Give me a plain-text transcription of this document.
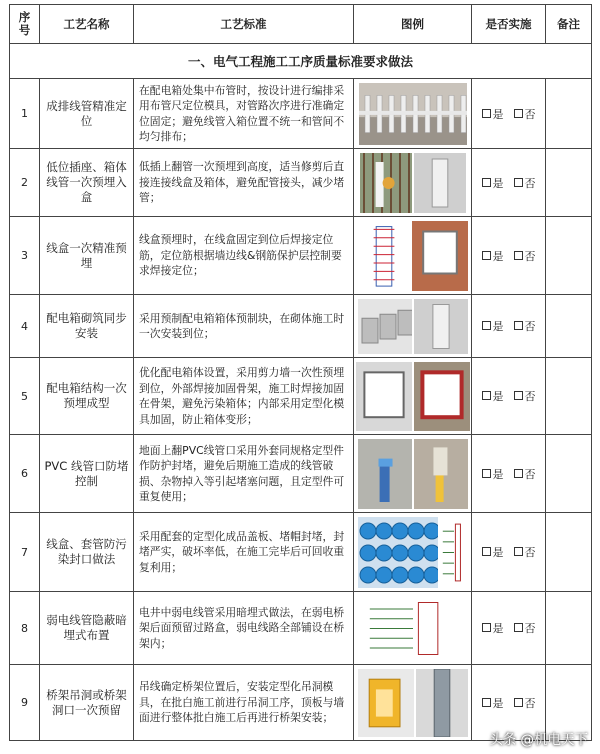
序
号	工艺名称	工艺标准	图例	是否实施	备注
一、电气工程施工工序质量标准要求做法					
1	成排线管精准定位	在配电箱处集中布管时，按设计进行编排采用布管尺定位模具，对管路次序进行准确定位固定；避免线管入箱位置不统一和管间不均匀排布；		是 否	
2	低位插座、箱体线管一次预埋入盒	低插上翻管一次预埋到高度，适当修剪后直接连接线盒及箱体，避免配管接头，减少堵管；		是 否	
3	线盒一次精准预埋	线盒预埋时，在线盒固定到位后焊接定位筋，定位筋根据墙边线&钢筋保护层控制要求焊接定位；		是 否	
4	配电箱砌筑同步安装	采用预制配电箱箱体预制块，在砌体施工时一次安装到位；		是 否	
5	配电箱结构一次预埋成型	优化配电箱体设置，采用剪力墙一次性预埋到位，外部焊接加固骨架，施工时焊接加固在骨架，避免污染箱体；内部采用定型化模具加固，防止箱体变形；		是 否	
6	PVC 线管口防堵控制	地面上翻PVC线管口采用外套同规格定型件作防护封堵，避免后期施工造成的线管破损、杂物掉入等引起堵塞问题，且定型件可重复使用；		是 否	
7	线盒、套管防污染封口做法	采用配套的定型化成品盖板、堵帽封堵，封堵严实，破坏率低，在施工完毕后可回收重复利用；		是 否	
8	弱电线管隐蔽暗埋式布置	电井中弱电线管采用暗埋式做法，在弱电桥架后面预留过路盒，弱电线路全部铺设在桥架内；		是 否	
9	桥架吊洞或桥架洞口一次预留	吊线确定桥架位置后，安装定型化吊洞模具，在批白施工前进行吊洞工序，顶板与墙面进行整体批白施工后再进行桥架安装；		是 否	
头条 @机电天下
